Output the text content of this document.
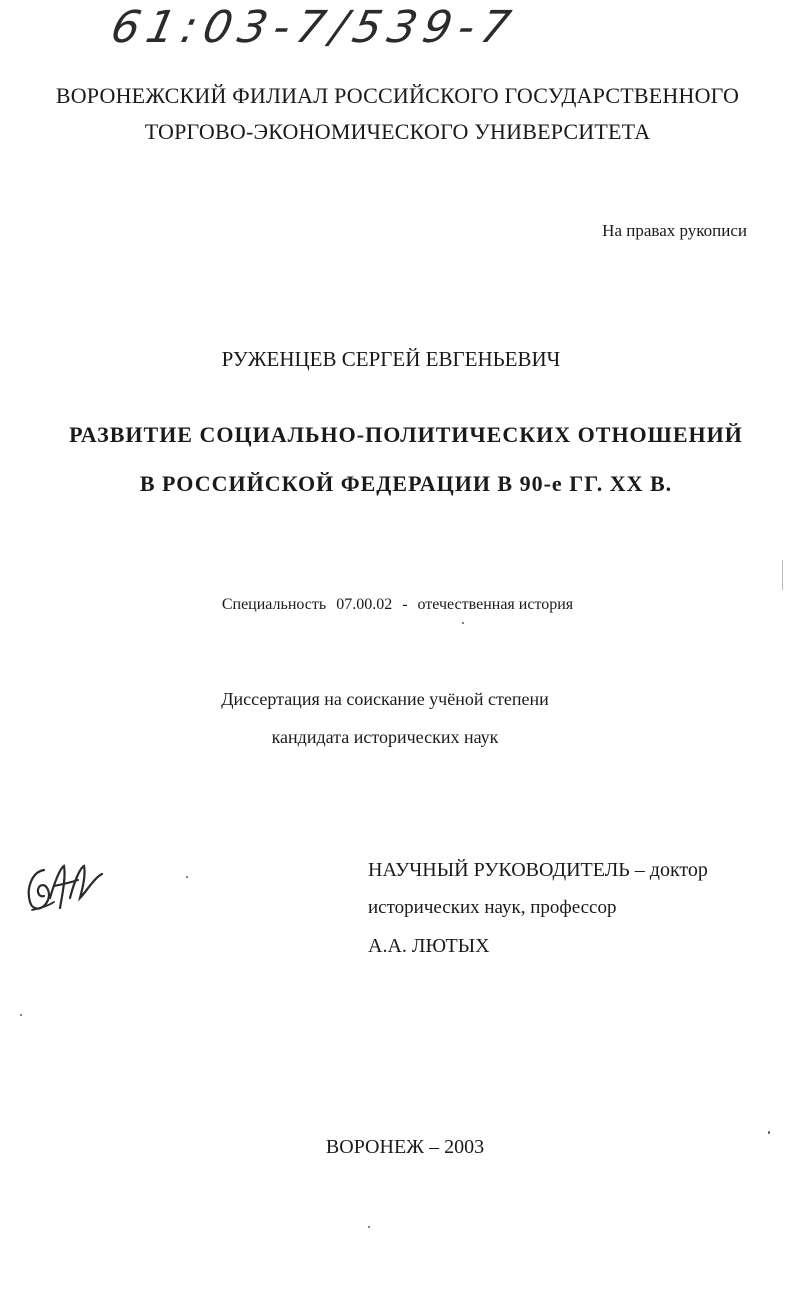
61:03-7/539-7
ВОРОНЕЖСКИЙ ФИЛИАЛ РОССИЙСКОГО ГОСУДАРСТВЕННОГО
ТОРГОВО-ЭКОНОМИЧЕСКОГО УНИВЕРСИТЕТА
На правах рукописи
РУЖЕНЦЕВ СЕРГЕЙ ЕВГЕНЬЕВИЧ
РАЗВИТИЕ СОЦИАЛЬНО-ПОЛИТИЧЕСКИХ ОТНОШЕНИЙ
В РОССИЙСКОЙ ФЕДЕРАЦИИ В 90-е ГГ. XX В.
Специальность 07.00.02 - отечественная история
Диссертация на соискание учёной степени
кандидата исторических наук
НАУЧНЫЙ РУКОВОДИТЕЛЬ – доктор
исторических наук, профессор
А.А. ЛЮТЫХ
ВОРОНЕЖ – 2003
